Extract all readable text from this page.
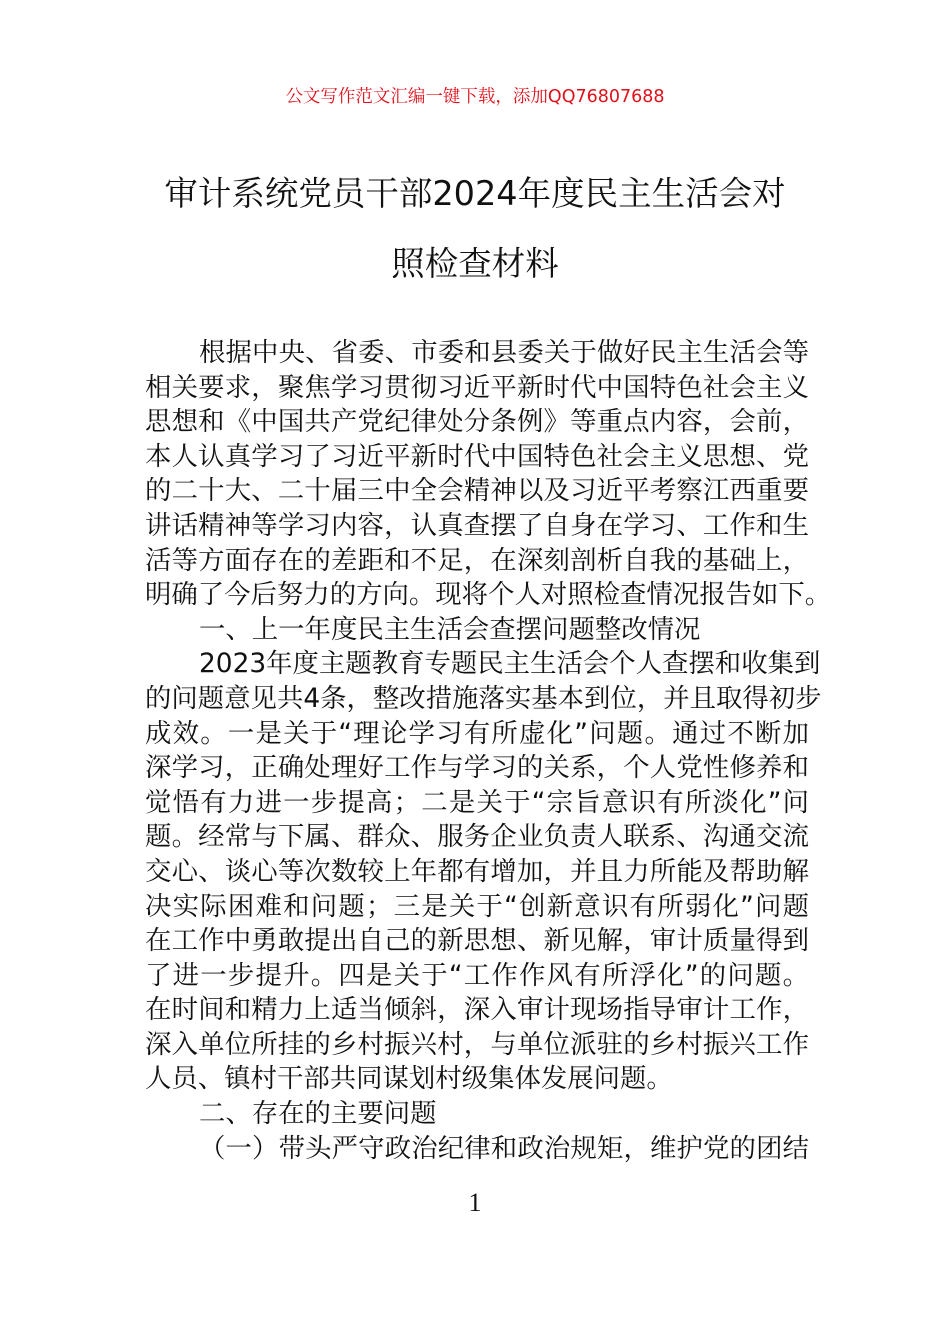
公文写作范文汇编一键下载，添加QQ76807688
审计系统党员干部2024年度民主生活会对
照检查材料
根据中央、省委、市委和县委关于做好民主生活会等
相关要求，聚焦学习贯彻习近平新时代中国特色社会主义
思想和《中国共产党纪律处分条例》等重点内容，会前，
本人认真学习了习近平新时代中国特色社会主义思想、党
的二十大、二十届三中全会精神以及习近平考察江西重要
讲话精神等学习内容，认真查摆了自身在学习、工作和生
活等方面存在的差距和不足，在深刻剖析自我的基础上，
明确了今后努力的方向。现将个人对照检查情况报告如下。
一、上一年度民主生活会查摆问题整改情况
2023年度主题教育专题民主生活会个人查摆和收集到
的问题意见共4条，整改措施落实基本到位，并且取得初步
成效。一是关于“理论学习有所虚化”问题。通过不断加
深学习，正确处理好工作与学习的关系，个人党性修养和
觉悟有力进一步提高；二是关于“宗旨意识有所淡化”问
题。经常与下属、群众、服务企业负责人联系、沟通交流
交心、谈心等次数较上年都有增加，并且力所能及帮助解
决实际困难和问题；三是关于“创新意识有所弱化”问题
在工作中勇敢提出自己的新思想、新见解，审计质量得到
了进一步提升。四是关于“工作作风有所浮化”的问题。
在时间和精力上适当倾斜，深入审计现场指导审计工作，
深入单位所挂的乡村振兴村，与单位派驻的乡村振兴工作
人员、镇村干部共同谋划村级集体发展问题。
二、存在的主要问题
（一）带头严守政治纪律和政治规矩，维护党的团结
1
